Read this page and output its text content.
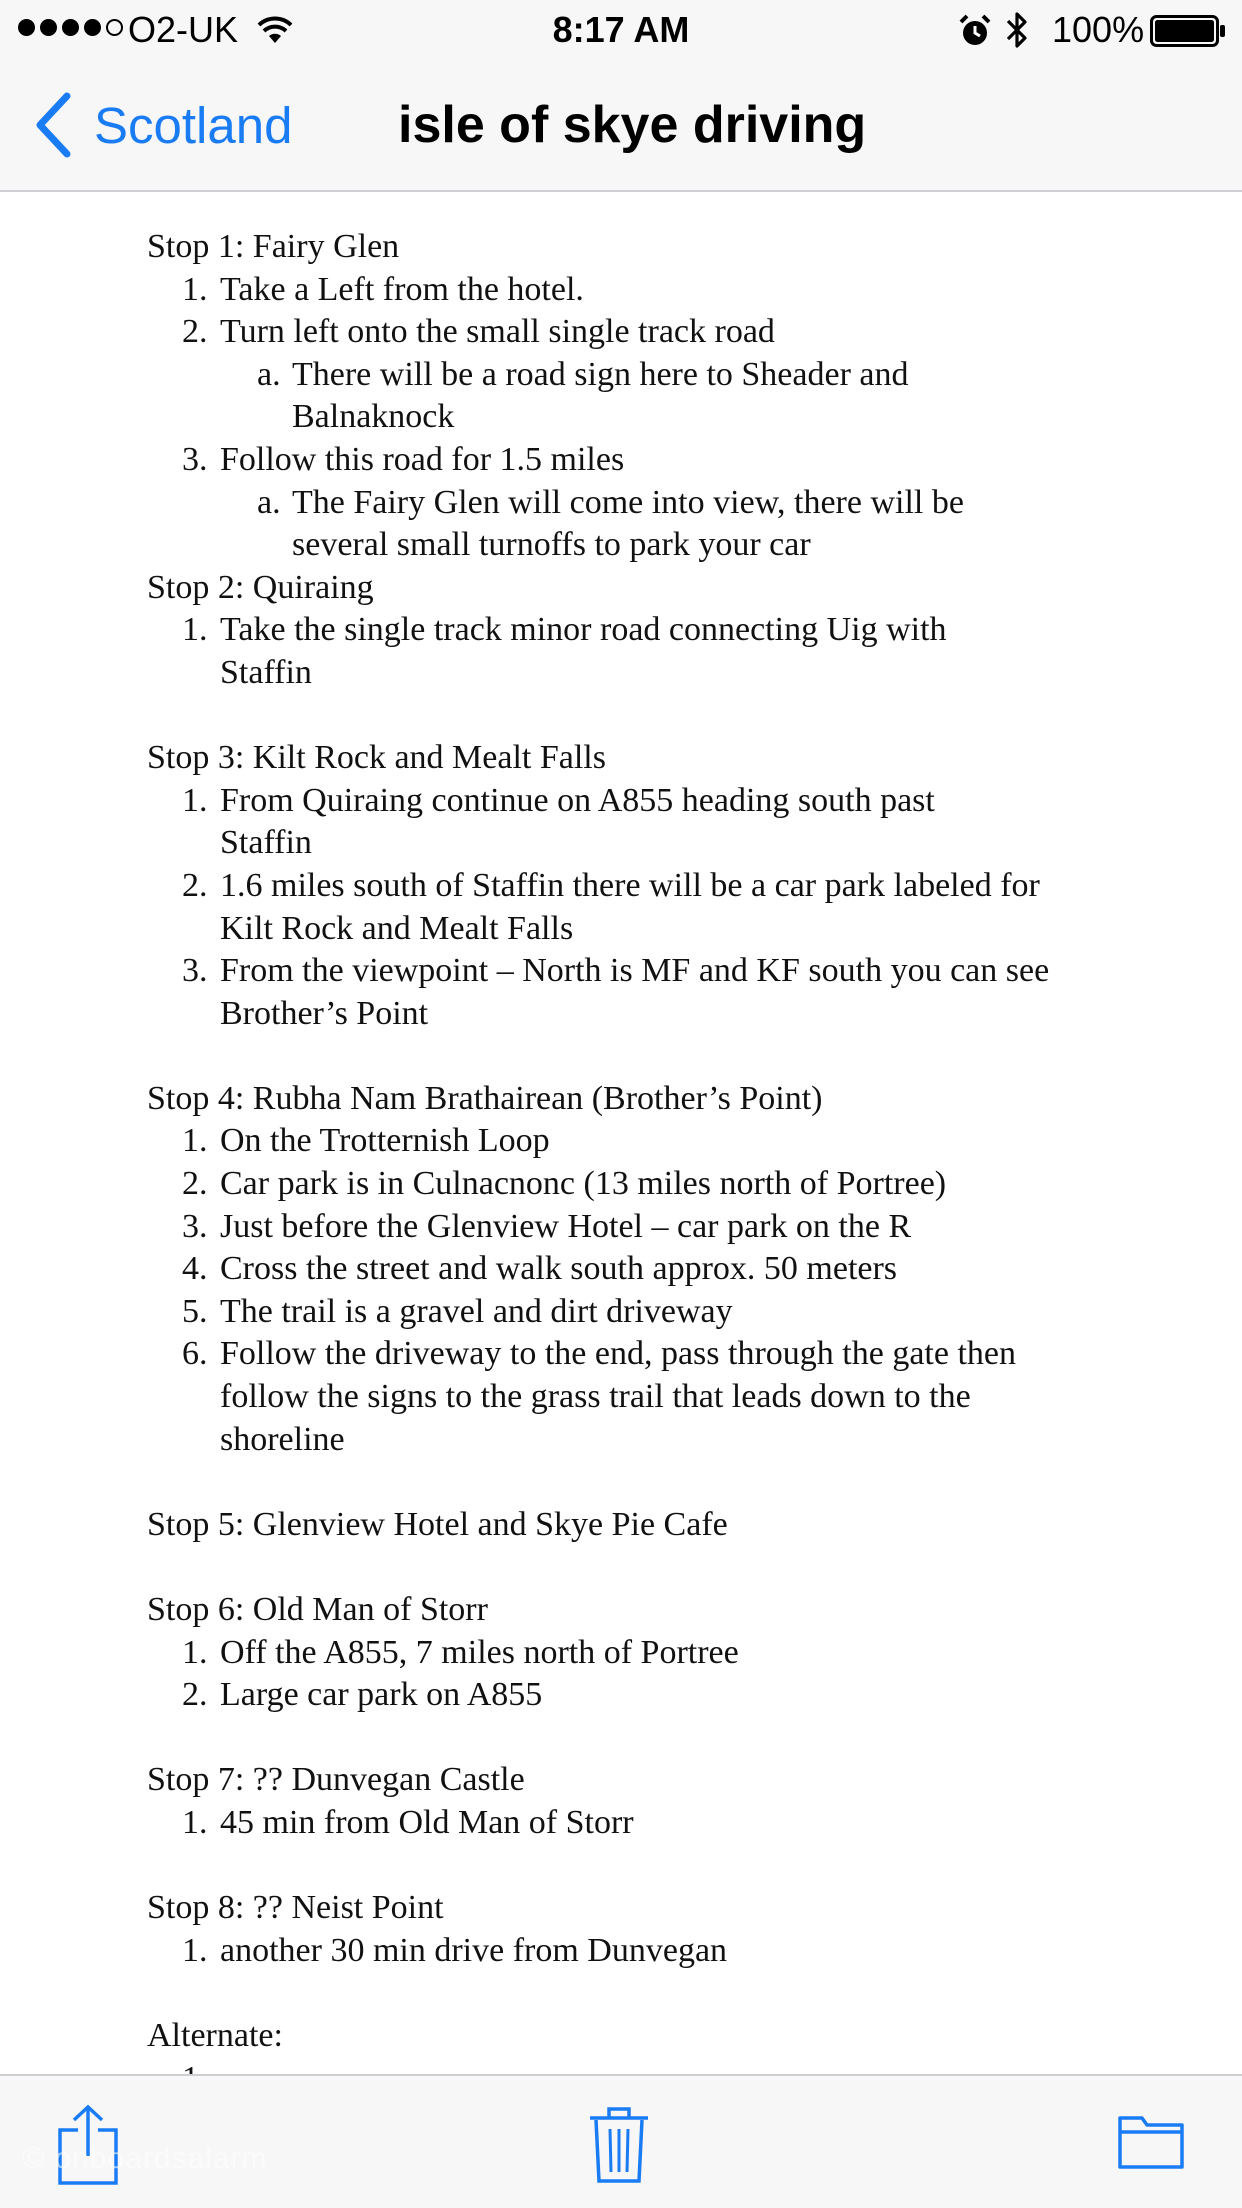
O2-UK	8:17 AM	100%
Scotland isle of skye driving
Stop 1: Fairy Glen
1. Take a Left from the hotel.
2. Turn left onto the small single track road
a. There will be a road sign here to Sheader and Balnaknock
3. Follow this road for 1.5 miles
a. The Fairy Glen will come into view, there will be several small turnoffs to park your car
Stop 2: Quiraing
1. Take the single track minor road connecting Uig with Staffin
Stop 3: Kilt Rock and Mealt Falls
1. From Quiraing continue on A855 heading south past Staffin
2. 1.6 miles south of Staffin there will be a car park labeled for Kilt Rock and Mealt Falls
3. From the viewpoint – North is MF and KF south you can see Brother’s Point
Stop 4: Rubha Nam Brathairean (Brother’s Point)
1. On the Trotternish Loop
2. Car park is in Culnacnonc (13 miles north of Portree)
3. Just before the Glenview Hotel – car park on the R
4. Cross the street and walk south approx. 50 meters
5. The trail is a gravel and dirt driveway
6. Follow the driveway to the end, pass through the gate then follow the signs to the grass trail that leads down to the shoreline
Stop 5: Glenview Hotel and Skye Pie Cafe
Stop 6: Old Man of Storr
1. Off the A855, 7 miles north of Portree
2. Large car park on A855
Stop 7: ?? Dunvegan Castle
1. 45 min from Old Man of Storr
Stop 8: ?? Neist Point
1. another 30 min drive from Dunvegan
Alternate:
© onboardsalarm
